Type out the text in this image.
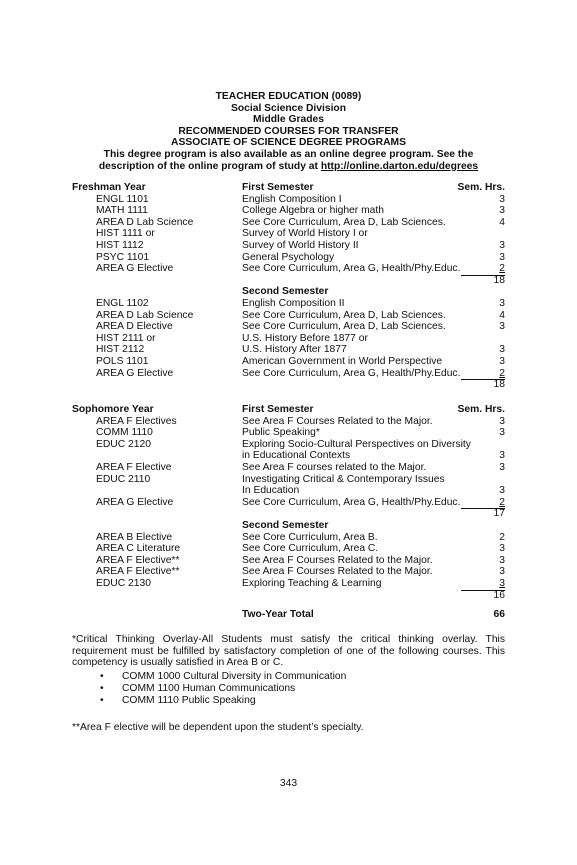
TEACHER EDUCATION (0089)
Social Science Division
Middle Grades
RECOMMENDED COURSES FOR TRANSFER
ASSOCIATE OF SCIENCE DEGREE PROGRAMS
This degree program is also available as an online degree program. See the
description of the online program of study at http://online.darton.edu/degrees
Freshman Year	First Semester	Sem. Hrs.
ENGL 1101	English Composition I	3
MATH 1111	College Algebra or higher math	3
AREA D Lab Science	See Core Curriculum, Area D, Lab Sciences.	4
HIST 1111 or	Survey of World History I or
HIST 1112	Survey of World History II	3
PSYC 1101	General Psychology	3
AREA G Elective	See Core Curriculum, Area G, Health/Phy.Educ.	2
18
Second Semester
ENGL 1102	English Composition II	3
AREA D Lab Science	See Core Curriculum, Area D, Lab Sciences.	4
AREA D Elective	See Core Curriculum, Area D, Lab Sciences.	3
HIST 2111 or	U.S. History Before 1877 or
HIST 2112	U.S. History After 1877	3
POLS 1101	American Government in World Perspective	3
AREA G Elective	See Core Curriculum, Area G, Health/Phy.Educ.	2
18
Sophomore Year	First Semester	Sem. Hrs.
AREA F Electives	See Area F Courses Related to the Major.	3
COMM 1110	Public Speaking*	3
EDUC 2120	Exploring Socio-Cultural Perspectives on Diversity
in Educational Contexts	3
AREA F Elective	See Area F courses related to the Major.	3
EDUC 2110	Investigating Critical & Contemporary Issues
In Education	3
AREA G Elective	See Core Curriculum, Area G, Health/Phy.Educ.	2
17
Second Semester
AREA B Elective	See Core Curriculum, Area B.	2
AREA C Literature	See Core Curriculum, Area C.	3
AREA F Elective**	See Area F Courses Related to the Major.	3
AREA F Elective**	See Area F Courses Related to the Major.	3
EDUC 2130	Exploring Teaching & Learning	3
16
Two-Year Total	66
*Critical Thinking Overlay-All Students must satisfy the critical thinking overlay. This requirement must be fulfilled by satisfactory completion of one of the following courses. This competency is usually satisfied in Area B or C.
• COMM 1000 Cultural Diversity in Communication
• COMM 1100 Human Communications
• COMM 1110 Public Speaking
**Area F elective will be dependent upon the student’s specialty.
343
